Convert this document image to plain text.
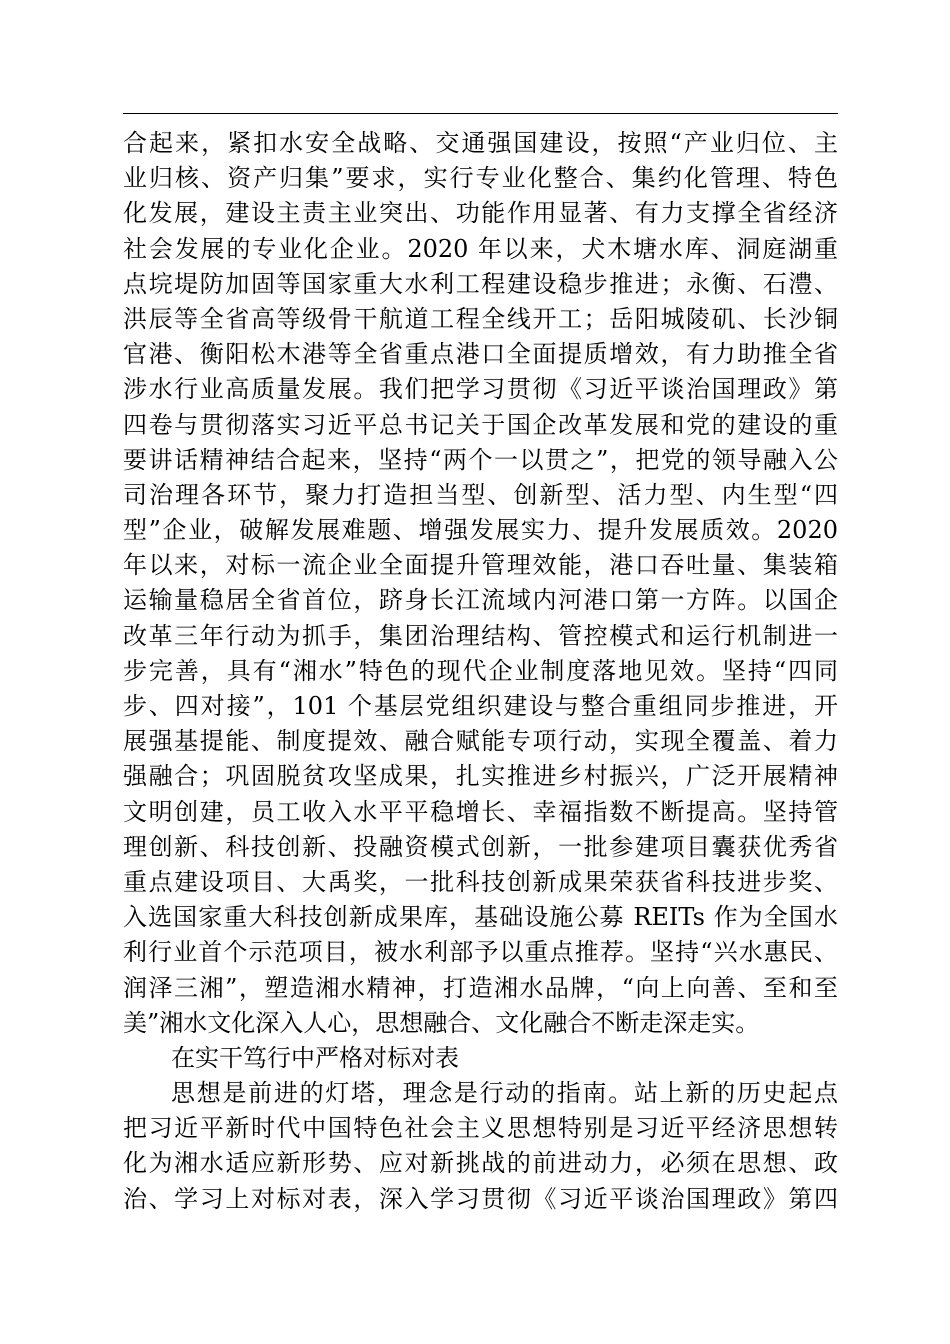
合起来，紧扣水安全战略、交通强国建设，按照“产业归位、主
业归核、资产归集”要求，实行专业化整合、集约化管理、特色
化发展，建设主责主业突出、功能作用显著、有力支撑全省经济
社会发展的专业化企业。2020 年以来，犬木塘水库、洞庭湖重
点垸堤防加固等国家重大水利工程建设稳步推进；永衡、石澧、
洪辰等全省高等级骨干航道工程全线开工；岳阳城陵矶、长沙铜
官港、衡阳松木港等全省重点港口全面提质增效，有力助推全省
涉水行业高质量发展。我们把学习贯彻《习近平谈治国理政》第
四卷与贯彻落实习近平总书记关于国企改革发展和党的建设的重
要讲话精神结合起来，坚持“两个一以贯之”，把党的领导融入公
司治理各环节，聚力打造担当型、创新型、活力型、内生型“四
型”企业，破解发展难题、增强发展实力、提升发展质效。2020
年以来，对标一流企业全面提升管理效能，港口吞吐量、集装箱
运输量稳居全省首位，跻身长江流域内河港口第一方阵。以国企
改革三年行动为抓手，集团治理结构、管控模式和运行机制进一
步完善，具有“湘水”特色的现代企业制度落地见效。坚持“四同
步、四对接”，101 个基层党组织建设与整合重组同步推进，开
展强基提能、制度提效、融合赋能专项行动，实现全覆盖、着力
强融合；巩固脱贫攻坚成果，扎实推进乡村振兴，广泛开展精神
文明创建，员工收入水平平稳增长、幸福指数不断提高。坚持管
理创新、科技创新、投融资模式创新，一批参建项目囊获优秀省
重点建设项目、大禹奖，一批科技创新成果荣获省科技进步奖、
入选国家重大科技创新成果库，基础设施公募 REITs 作为全国水
利行业首个示范项目，被水利部予以重点推荐。坚持“兴水惠民、
润泽三湘”，塑造湘水精神，打造湘水品牌，“向上向善、至和至
美”湘水文化深入人心，思想融合、文化融合不断走深走实。
在实干笃行中严格对标对表
思想是前进的灯塔，理念是行动的指南。站上新的历史起点
把习近平新时代中国特色社会主义思想特别是习近平经济思想转
化为湘水适应新形势、应对新挑战的前进动力，必须在思想、政
治、学习上对标对表，深入学习贯彻《习近平谈治国理政》第四
